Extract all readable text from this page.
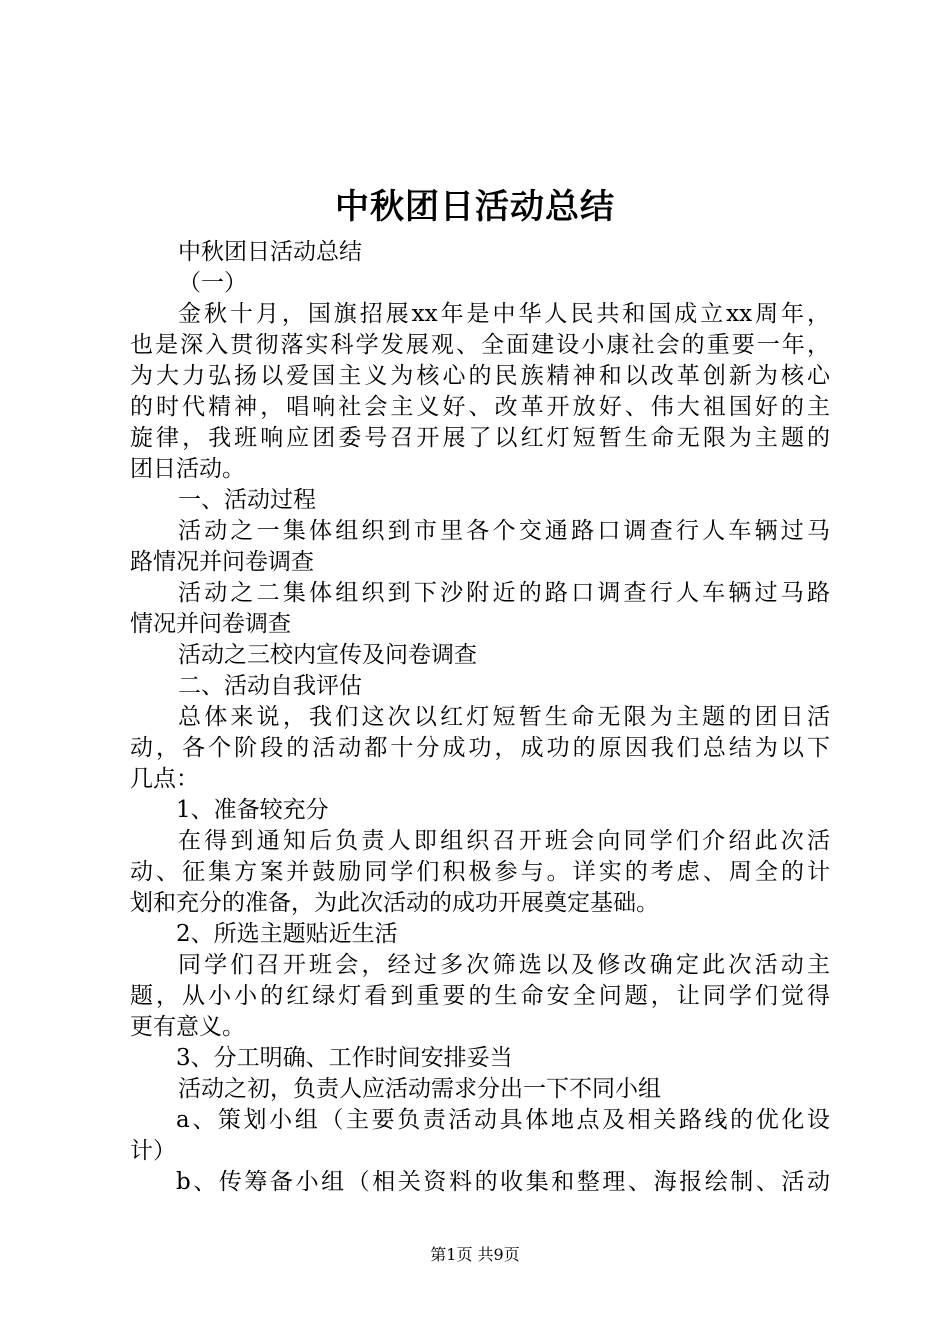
中秋团日活动总结
中秋团日活动总结
（一）
金秋十月，国旗招展xx年是中华人民共和国成立xx周年，
也是深入贯彻落实科学发展观、全面建设小康社会的重要一年，
为大力弘扬以爱国主义为核心的民族精神和以改革创新为核心
的时代精神，唱响社会主义好、改革开放好、伟大祖国好的主
旋律，我班响应团委号召开展了以红灯短暂生命无限为主题的
团日活动。
一、活动过程
活动之一集体组织到市里各个交通路口调查行人车辆过马
路情况并问卷调查
活动之二集体组织到下沙附近的路口调查行人车辆过马路
情况并问卷调查
活动之三校内宣传及问卷调查
二、活动自我评估
总体来说，我们这次以红灯短暂生命无限为主题的团日活
动，各个阶段的活动都十分成功，成功的原因我们总结为以下
几点：
1、准备较充分
在得到通知后负责人即组织召开班会向同学们介绍此次活
动、征集方案并鼓励同学们积极参与。详实的考虑、周全的计
划和充分的准备，为此次活动的成功开展奠定基础。
2、所选主题贴近生活
同学们召开班会，经过多次筛选以及修改确定此次活动主
题，从小小的红绿灯看到重要的生命安全问题，让同学们觉得
更有意义。
3、分工明确、工作时间安排妥当
活动之初，负责人应活动需求分出一下不同小组
a、策划小组（主要负责活动具体地点及相关路线的优化设
计）
b、传筹备小组（相关资料的收集和整理、海报绘制、活动
第1页 共9页
